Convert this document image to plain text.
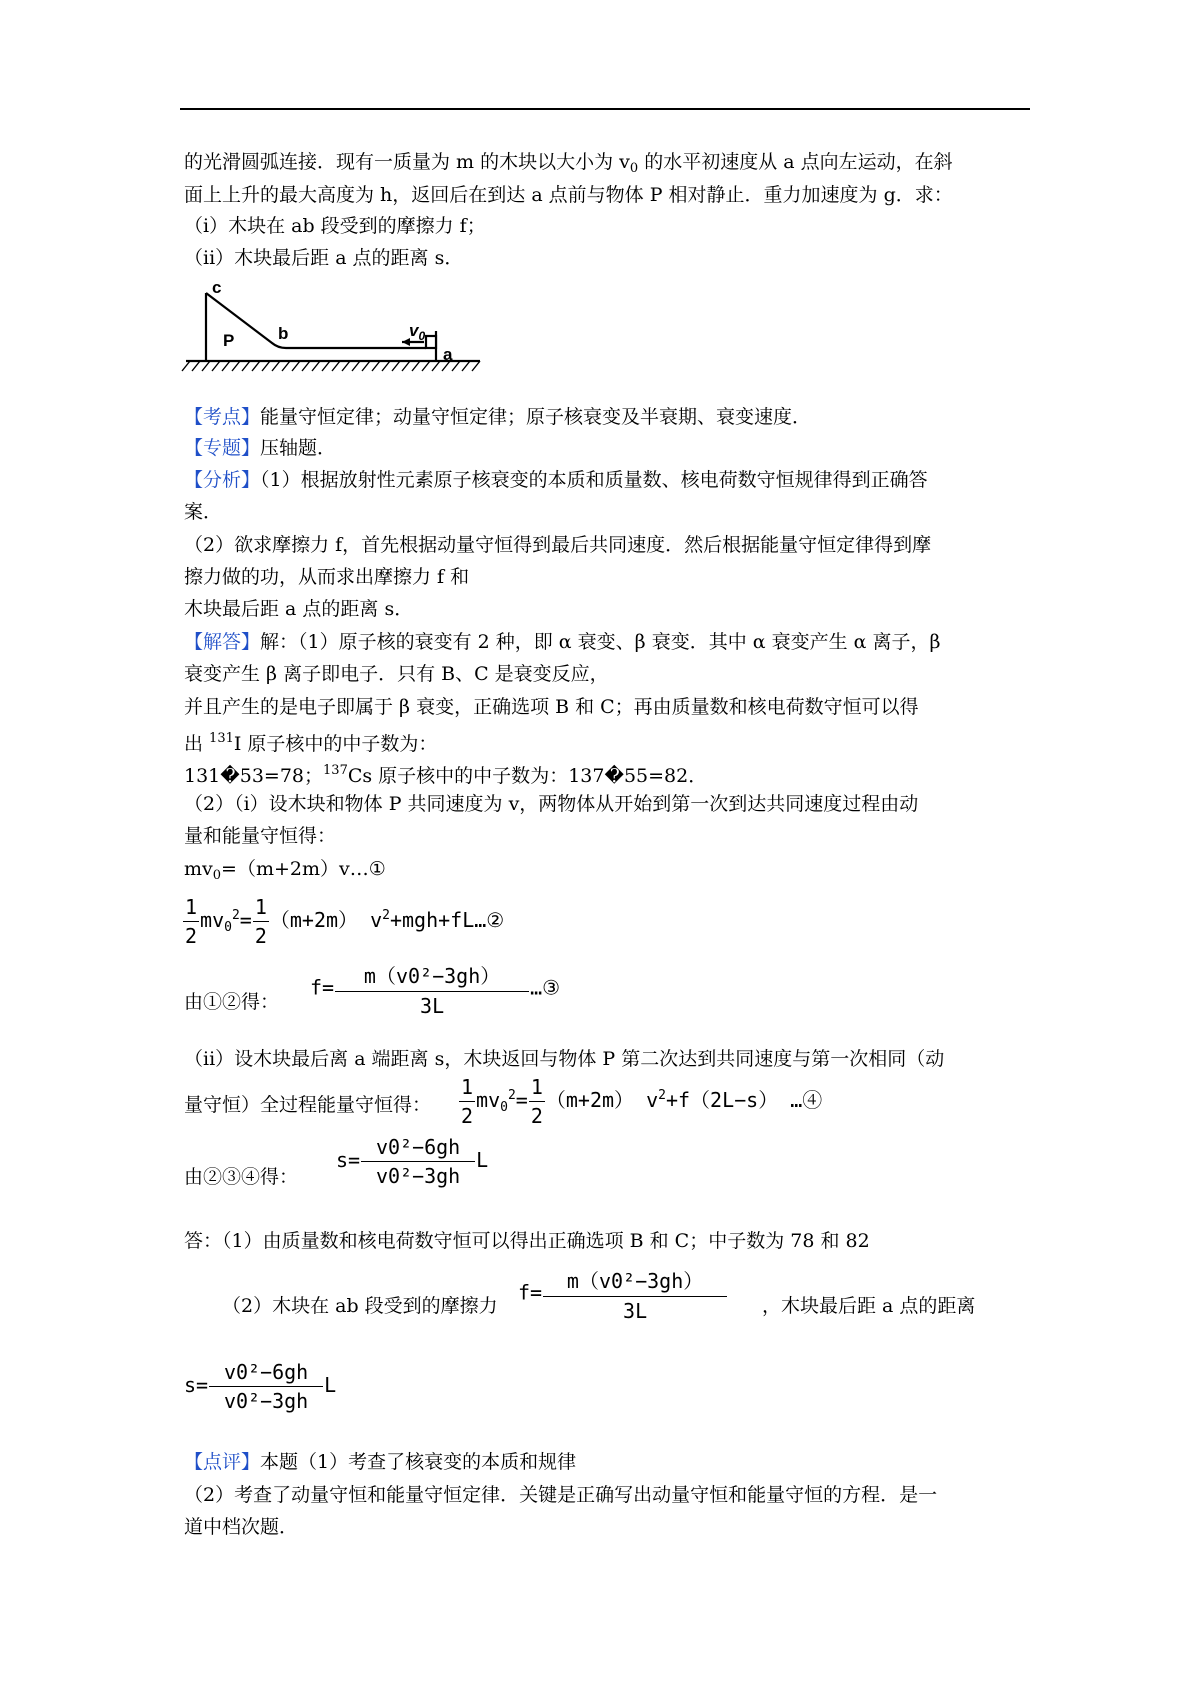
的光滑圆弧连接．现有一质量为 m 的木块以大小为 $v_0$ 的水平初速度从 a 点向左运动，在斜
面上上升的最大高度为 h，返回后在到达 a 点前与物体 P 相对静止．重力加速度为 g．求：
（i）木块在 ab 段受到的摩擦力 f；
（ii）木块最后距 a 点的距离 s．
c
P	b	$v_0$
a
【考点】能量守恒定律；动量守恒定律；原子核衰变及半衰期、衰变速度．
【专题】压轴题．
【分析】（1）根据放射性元素原子核衰变的本质和质量数、核电荷数守恒规律得到正确答
案．
（2）欲求摩擦力 f，首先根据动量守恒得到最后共同速度．然后根据能量守恒定律得到摩
擦力做的功，从而求出摩擦力 f 和
木块最后距 a 点的距离 s．
【解答】解：（1）原子核的衰变有 2 种，即 α 衰变、β 衰变．其中 α 衰变产生 α 离子，β
衰变产生 β 离子即电子．只有 B、C 是衰变反应，
并且产生的是电子即属于 β 衰变，正确选项 B 和 C；再由质量数和核电荷数守恒可以得
出 $^{131}$I 原子核中的中子数为：
131�53=78；$^{137}$Cs 原子核中的中子数为：137�55=82．
（2）（i）设木块和物体 P 共同速度为 v，两物体从开始到第一次到达共同速度过程由动
量和能量守恒得：
$mv_0=(m+2m)v\dots ①$
$\frac{1}{2} mv_0^2= \frac{1}{2} (m+2m)$ $v^2+mgh+fL\dots ②$
由①②得：
$f= \frac{\text{m（v0²−3gh）}}{3L}$ …③
（ii）设木块最后离 a 端距离 s，木块返回与物体 P 第二次达到共同速度与第一次相同（动
量守恒）全过程能量守恒得： $\frac{1}{2} mv_0^2= \frac{1}{2} (m+2m)$ $v^2+f(2L-s)$ …④
由②③④得：
$s= \frac{\text{v0²−6gh}}{\text{v0²−3gh}}$ L
答：（1）由质量数和核电荷数守恒可以得出正确选项 B 和 C；中子数为 78 和 82
（2）木块在 ab 段受到的摩擦力
$f= \frac{\text{m（v0²−3gh）}}{3L}$ ，木块最后距 a 点的距离
$s= \frac{\text{v0²−6gh}}{\text{v0²−3gh}}$ L
【点评】本题（1）考查了核衰变的本质和规律
（2）考查了动量守恒和能量守恒定律．关键是正确写出动量守恒和能量守恒的方程．是一
道中档次题．
